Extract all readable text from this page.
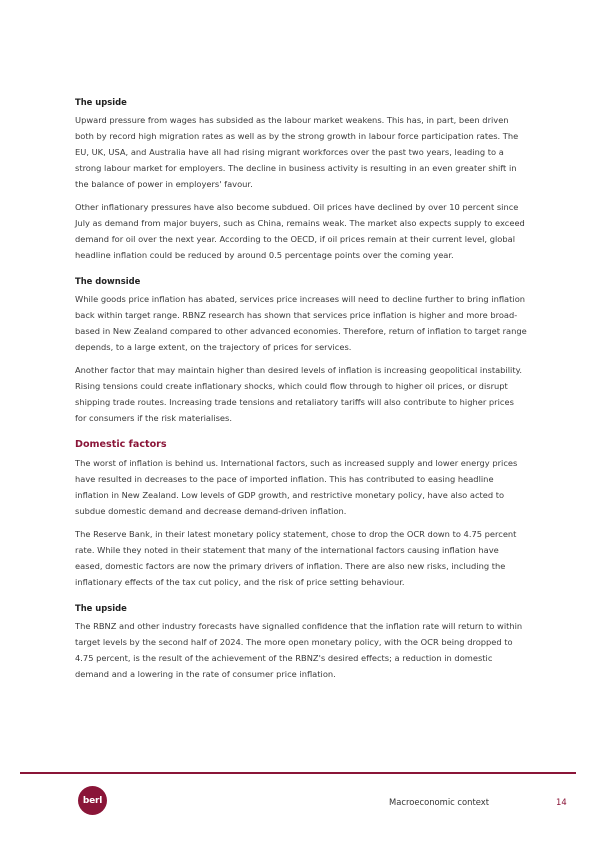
The upside

Upward pressure from wages has subsided as the labour market weakens. This has, in part, been driven both by record high migration rates as well as by the strong growth in labour force participation rates. The EU, UK, USA, and Australia have all had rising migrant workforces over the past two years, leading to a strong labour market for employers. The decline in business activity is resulting in an even greater shift in the balance of power in employers' favour.

Other inflationary pressures have also become subdued. Oil prices have declined by over 10 percent since July as demand from major buyers, such as China, remains weak. The market also expects supply to exceed demand for oil over the next year. According to the OECD, if oil prices remain at their current level, global headline inflation could be reduced by around 0.5 percentage points over the coming year.

The downside

While goods price inflation has abated, services price increases will need to decline further to bring inflation back within target range. RBNZ research has shown that services price inflation is higher and more broad-based in New Zealand compared to other advanced economies. Therefore, return of inflation to target range depends, to a large extent, on the trajectory of prices for services.

Another factor that may maintain higher than desired levels of inflation is increasing geopolitical instability. Rising tensions could create inflationary shocks, which could flow through to higher oil prices, or disrupt shipping trade routes. Increasing trade tensions and retaliatory tariffs will also contribute to higher prices for consumers if the risk materialises.

Domestic factors

The worst of inflation is behind us. International factors, such as increased supply and lower energy prices have resulted in decreases to the pace of imported inflation. This has contributed to easing headline inflation in New Zealand. Low levels of GDP growth, and restrictive monetary policy, have also acted to subdue domestic demand and decrease demand-driven inflation.

The Reserve Bank, in their latest monetary policy statement, chose to drop the OCR down to 4.75 percent rate. While they noted in their statement that many of the international factors causing inflation have eased, domestic factors are now the primary drivers of inflation. There are also new risks, including the inflationary effects of the tax cut policy, and the risk of price setting behaviour.

The upside

The RBNZ and other industry forecasts have signalled confidence that the inflation rate will return to within target levels by the second half of 2024. The more open monetary policy, with the OCR being dropped to 4.75 percent, is the result of the achievement of the RBNZ's desired effects; a reduction in domestic demand and a lowering in the rate of consumer price inflation.

berl	Macroeconomic context	14
